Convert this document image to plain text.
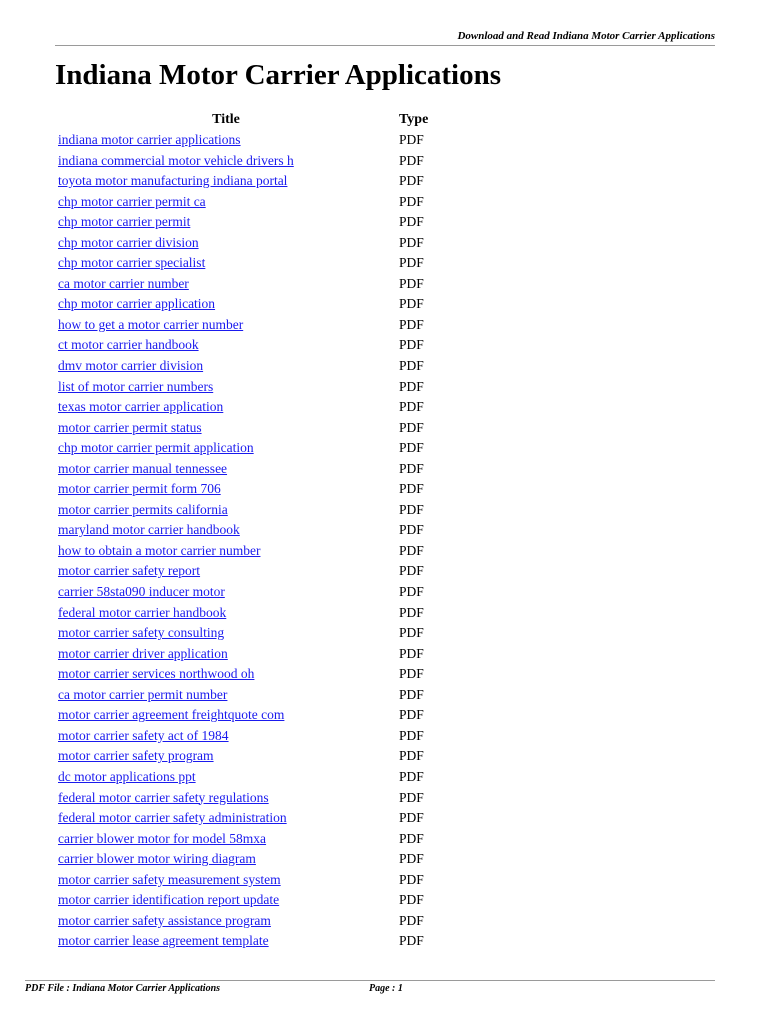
Download and Read Indiana Motor Carrier Applications
Indiana Motor Carrier Applications
Title	Type
indiana motor carrier applications	PDF
indiana commercial motor vehicle drivers h	PDF
toyota motor manufacturing indiana portal	PDF
chp motor carrier permit ca	PDF
chp motor carrier permit	PDF
chp motor carrier division	PDF
chp motor carrier specialist	PDF
ca motor carrier number	PDF
chp motor carrier application	PDF
how to get a motor carrier number	PDF
ct motor carrier handbook	PDF
dmv motor carrier division	PDF
list of motor carrier numbers	PDF
texas motor carrier application	PDF
motor carrier permit status	PDF
chp motor carrier permit application	PDF
motor carrier manual tennessee	PDF
motor carrier permit form 706	PDF
motor carrier permits california	PDF
maryland motor carrier handbook	PDF
how to obtain a motor carrier number	PDF
motor carrier safety report	PDF
carrier 58sta090 inducer motor	PDF
federal motor carrier handbook	PDF
motor carrier safety consulting	PDF
motor carrier driver application	PDF
motor carrier services northwood oh	PDF
ca motor carrier permit number	PDF
motor carrier agreement freightquote com	PDF
motor carrier safety act of 1984	PDF
motor carrier safety program	PDF
dc motor applications ppt	PDF
federal motor carrier safety regulations	PDF
federal motor carrier safety administration	PDF
carrier blower motor for model 58mxa	PDF
carrier blower motor wiring diagram	PDF
motor carrier safety measurement system	PDF
motor carrier identification report update	PDF
motor carrier safety assistance program	PDF
motor carrier lease agreement template	PDF
PDF File : Indiana Motor Carrier Applications	Page : 1
